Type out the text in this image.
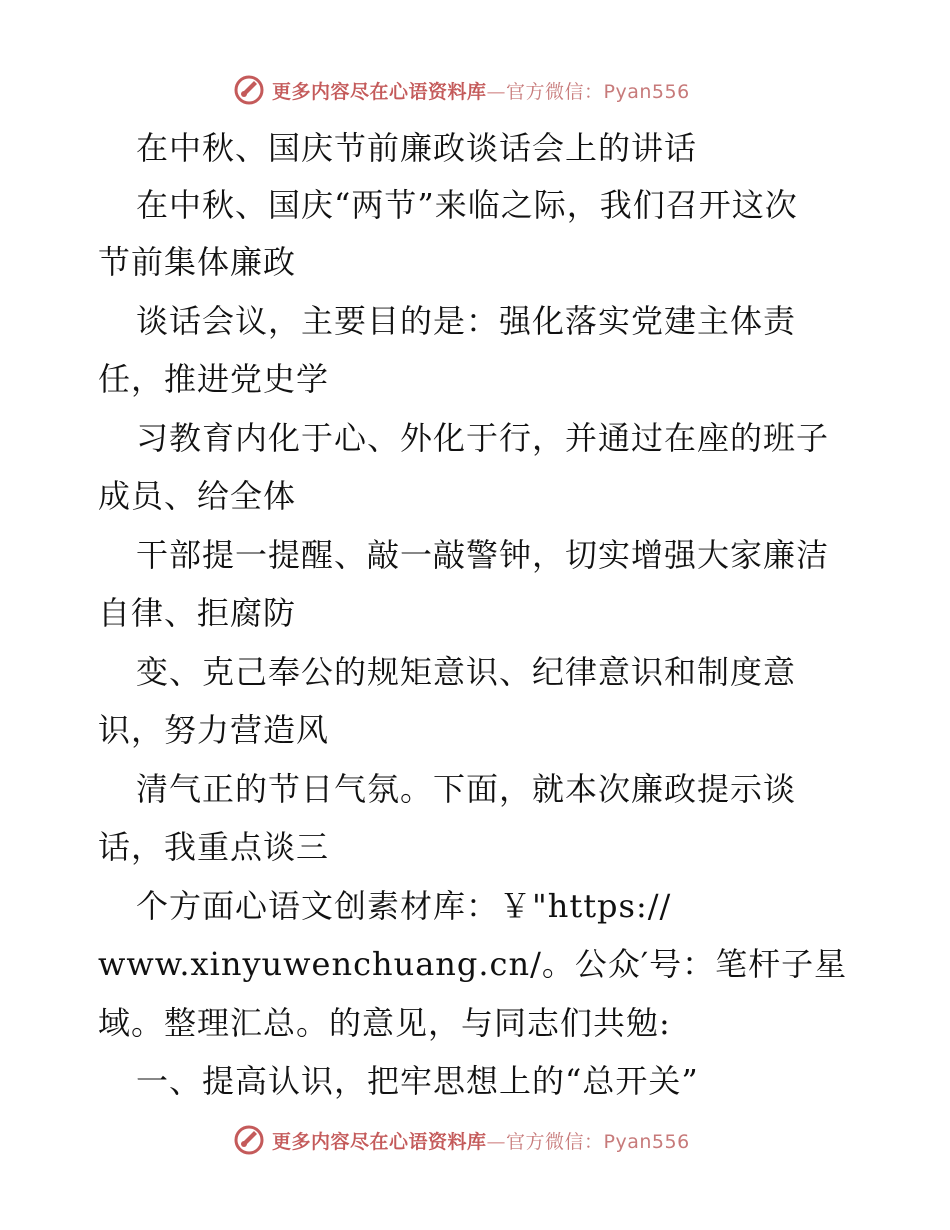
更多内容尽在心语资料库—官方微信：Pyan556
在中秋、国庆节前廉政谈话会上的讲话
在中秋、国庆“两节”来临之际，我们召开这次
节前集体廉政
谈话会议，主要目的是：强化落实党建主体责
任，推进党史学
习教育内化于心、外化于行，并通过在座的班子
成员、给全体
干部提一提醒、敲一敲警钟，切实增强大家廉洁
自律、拒腐防
变、克己奉公的规矩意识、纪律意识和制度意
识，努力营造风
清气正的节日气氛。下面，就本次廉政提示谈
话，我重点谈三
个方面心语文创素材库：￥"https://
www.xinyuwenchuang.cn/。公众′号：笔杆子星
域。整理汇总。的意见，与同志们共勉:
一、提高认识，把牢思想上的“总开关”
更多内容尽在心语资料库—官方微信：Pyan556
